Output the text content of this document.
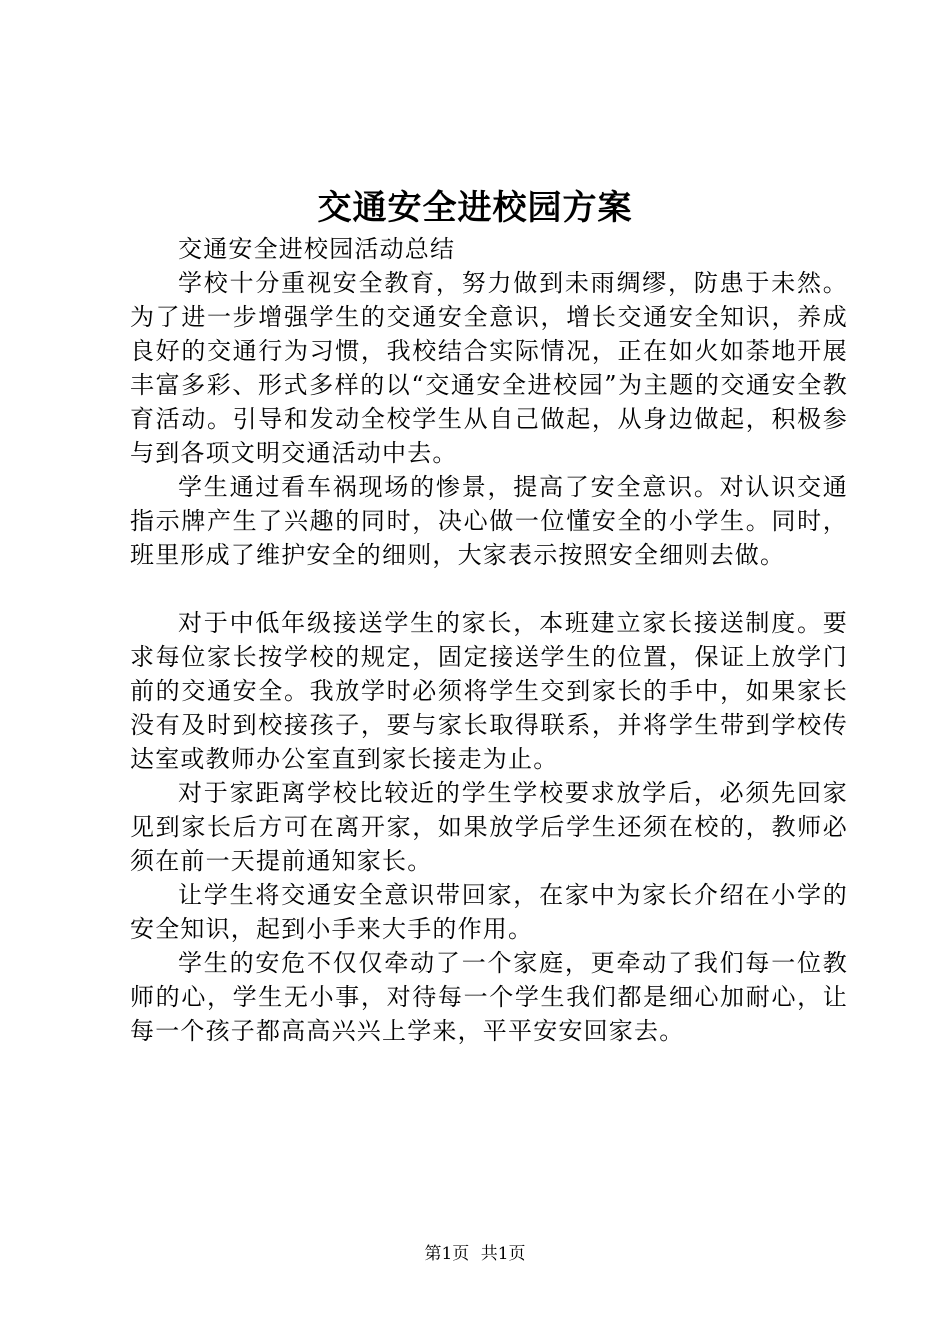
交通安全进校园方案

交通安全进校园活动总结

学校十分重视安全教育，努力做到未雨绸缪，防患于未然。为了进一步增强学生的交通安全意识，增长交通安全知识，养成良好的交通行为习惯，我校结合实际情况，正在如火如荼地开展丰富多彩、形式多样的以“交通安全进校园”为主题的交通安全教育活动。引导和发动全校学生从自己做起，从身边做起，积极参与到各项文明交通活动中去。

学生通过看车祸现场的惨景，提高了安全意识。对认识交通指示牌产生了兴趣的同时，决心做一位懂安全的小学生。同时，班里形成了维护安全的细则，大家表示按照安全细则去做。

对于中低年级接送学生的家长，本班建立家长接送制度。要求每位家长按学校的规定，固定接送学生的位置，保证上放学门前的交通安全。我放学时必须将学生交到家长的手中，如果家长没有及时到校接孩子，要与家长取得联系，并将学生带到学校传达室或教师办公室直到家长接走为止。

对于家距离学校比较近的学生学校要求放学后，必须先回家见到家长后方可在离开家，如果放学后学生还须在校的，教师必须在前一天提前通知家长。

让学生将交通安全意识带回家，在家中为家长介绍在小学的安全知识，起到小手来大手的作用。

学生的安危不仅仅牵动了一个家庭，更牵动了我们每一位教师的心，学生无小事，对待每一个学生我们都是细心加耐心，让每一个孩子都高高兴兴上学来，平平安安回家去。

第1页 共1页
